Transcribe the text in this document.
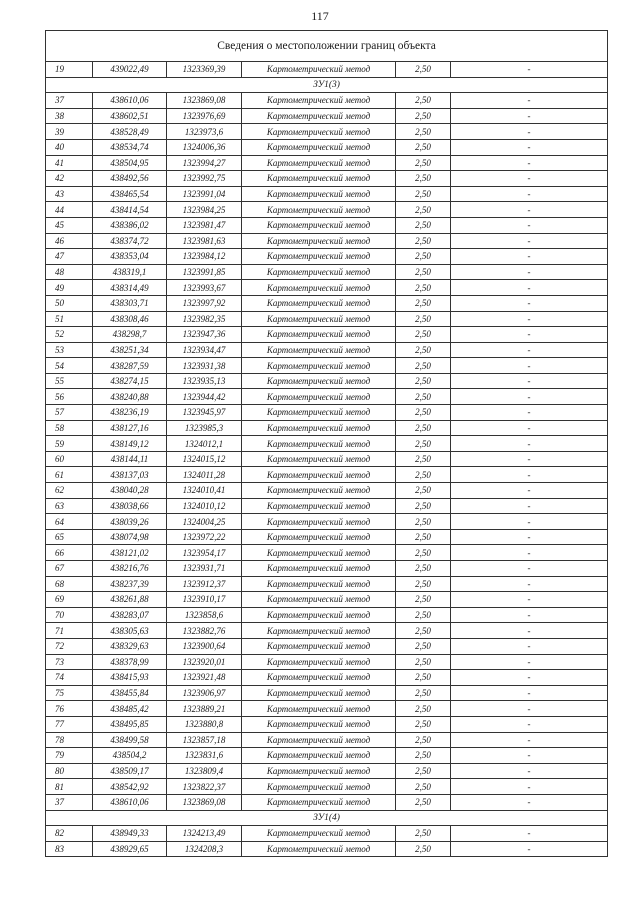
117
Сведения о местоположении границ объекта					
19	439022,49	1323369,39	Картометрический метод	2,50	-
ЗУ1(3)					
37	438610,06	1323869,08	Картометрический метод	2,50	-
38	438602,51	1323976,69	Картометрический метод	2,50	-
39	438528,49	1323973,6	Картометрический метод	2,50	-
40	438534,74	1324006,36	Картометрический метод	2,50	-
41	438504,95	1323994,27	Картометрический метод	2,50	-
42	438492,56	1323992,75	Картометрический метод	2,50	-
43	438465,54	1323991,04	Картометрический метод	2,50	-
44	438414,54	1323984,25	Картометрический метод	2,50	-
45	438386,02	1323981,47	Картометрический метод	2,50	-
46	438374,72	1323981,63	Картометрический метод	2,50	-
47	438353,04	1323984,12	Картометрический метод	2,50	-
48	438319,1	1323991,85	Картометрический метод	2,50	-
49	438314,49	1323993,67	Картометрический метод	2,50	-
50	438303,71	1323997,92	Картометрический метод	2,50	-
51	438308,46	1323982,35	Картометрический метод	2,50	-
52	438298,7	1323947,36	Картометрический метод	2,50	-
53	438251,34	1323934,47	Картометрический метод	2,50	-
54	438287,59	1323931,38	Картометрический метод	2,50	-
55	438274,15	1323935,13	Картометрический метод	2,50	-
56	438240,88	1323944,42	Картометрический метод	2,50	-
57	438236,19	1323945,97	Картометрический метод	2,50	-
58	438127,16	1323985,3	Картометрический метод	2,50	-
59	438149,12	1324012,1	Картометрический метод	2,50	-
60	438144,11	1324015,12	Картометрический метод	2,50	-
61	438137,03	1324011,28	Картометрический метод	2,50	-
62	438040,28	1324010,41	Картометрический метод	2,50	-
63	438038,66	1324010,12	Картометрический метод	2,50	-
64	438039,26	1324004,25	Картометрический метод	2,50	-
65	438074,98	1323972,22	Картометрический метод	2,50	-
66	438121,02	1323954,17	Картометрический метод	2,50	-
67	438216,76	1323931,71	Картометрический метод	2,50	-
68	438237,39	1323912,37	Картометрический метод	2,50	-
69	438261,88	1323910,17	Картометрический метод	2,50	-
70	438283,07	1323858,6	Картометрический метод	2,50	-
71	438305,63	1323882,76	Картометрический метод	2,50	-
72	438329,63	1323900,64	Картометрический метод	2,50	-
73	438378,99	1323920,01	Картометрический метод	2,50	-
74	438415,93	1323921,48	Картометрический метод	2,50	-
75	438455,84	1323906,97	Картометрический метод	2,50	-
76	438485,42	1323889,21	Картометрический метод	2,50	-
77	438495,85	1323880,8	Картометрический метод	2,50	-
78	438499,58	1323857,18	Картометрический метод	2,50	-
79	438504,2	1323831,6	Картометрический метод	2,50	-
80	438509,17	1323809,4	Картометрический метод	2,50	-
81	438542,92	1323822,37	Картометрический метод	2,50	-
37	438610,06	1323869,08	Картометрический метод	2,50	-
ЗУ1(4)					
82	438949,33	1324213,49	Картометрический метод	2,50	-
83	438929,65	1324208,3	Картометрический метод	2,50	-
